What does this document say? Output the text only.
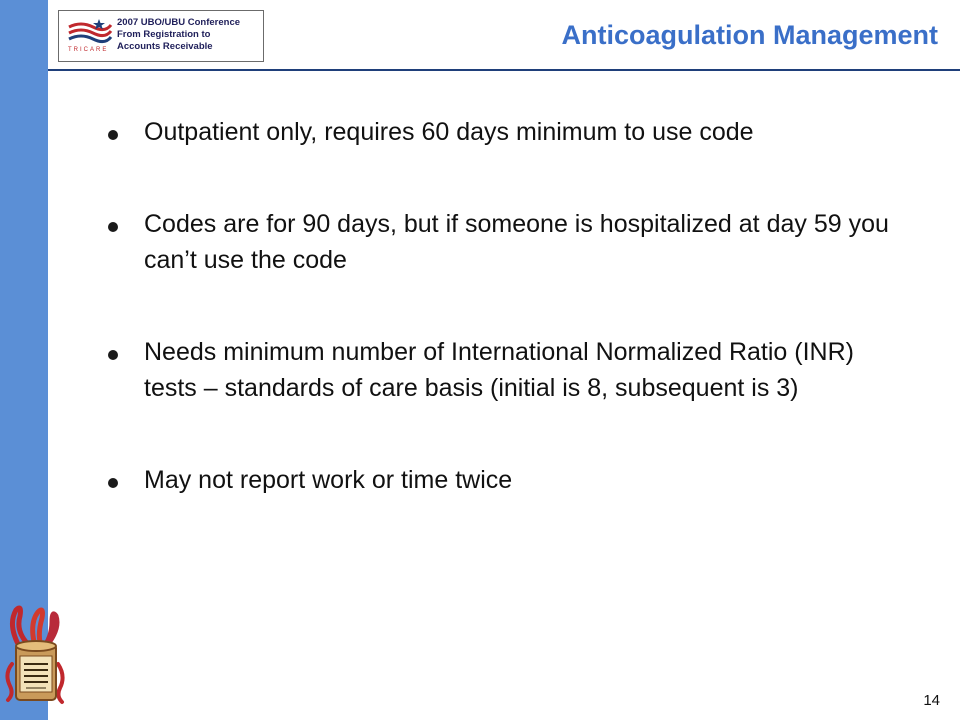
TRICARE
2007 UBO/UBU Conference
From Registration to
Accounts Receivable	Anticoagulation Management
Outpatient only, requires 60 days minimum to use code
Codes are for 90 days, but if someone is hospitalized at day 59 you can’t use the code
Needs minimum number of International Normalized Ratio (INR) tests – standards of care basis (initial is 8, subsequent is 3)
May not report work or time twice
14
